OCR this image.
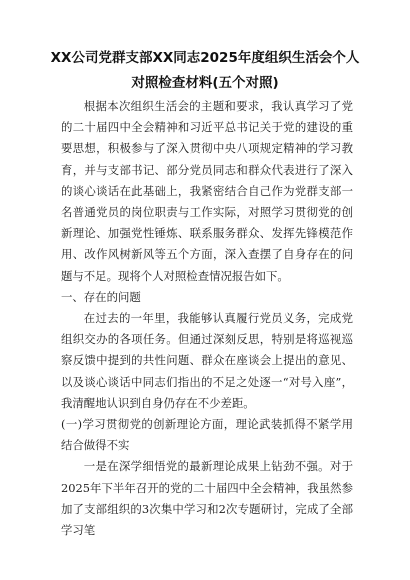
XX公司党群支部XX同志2025年度组织生活会个人
对照检查材料(五个对照)

根据本次组织生活会的主题和要求，我认真学习了党的二十届四中全会精神和习近平总书记关于党的建设的重要思想，积极参与了深入贯彻中央八项规定精神的学习教育，并与支部书记、部分党员同志和群众代表进行了深入的谈心谈话在此基础上，我紧密结合自己作为党群支部一名普通党员的岗位职责与工作实际，对照学习贯彻党的创新理论、加强党性锤炼、联系服务群众、发挥先锋模范作用、改作风树新风等五个方面，深入查摆了自身存在的问题与不足。现将个人对照检查情况报告如下。

一、存在的问题

在过去的一年里，我能够认真履行党员义务，完成党组织交办的各项任务。但通过深刻反思，特别是将巡视巡察反馈中提到的共性问题、群众在座谈会上提出的意见、以及谈心谈话中同志们指出的不足之处逐一“对号入座”，我清醒地认识到自身仍存在不少差距。

(一)学习贯彻党的创新理论方面，理论武装抓得不紧学用结合做得不实

一是在深学细悟党的最新理论成果上钻劲不强。对于2025年下半年召开的党的二十届四中全会精神，我虽然参加了支部组织的3次集中学习和2次专题研讨，完成了全部学习笔
